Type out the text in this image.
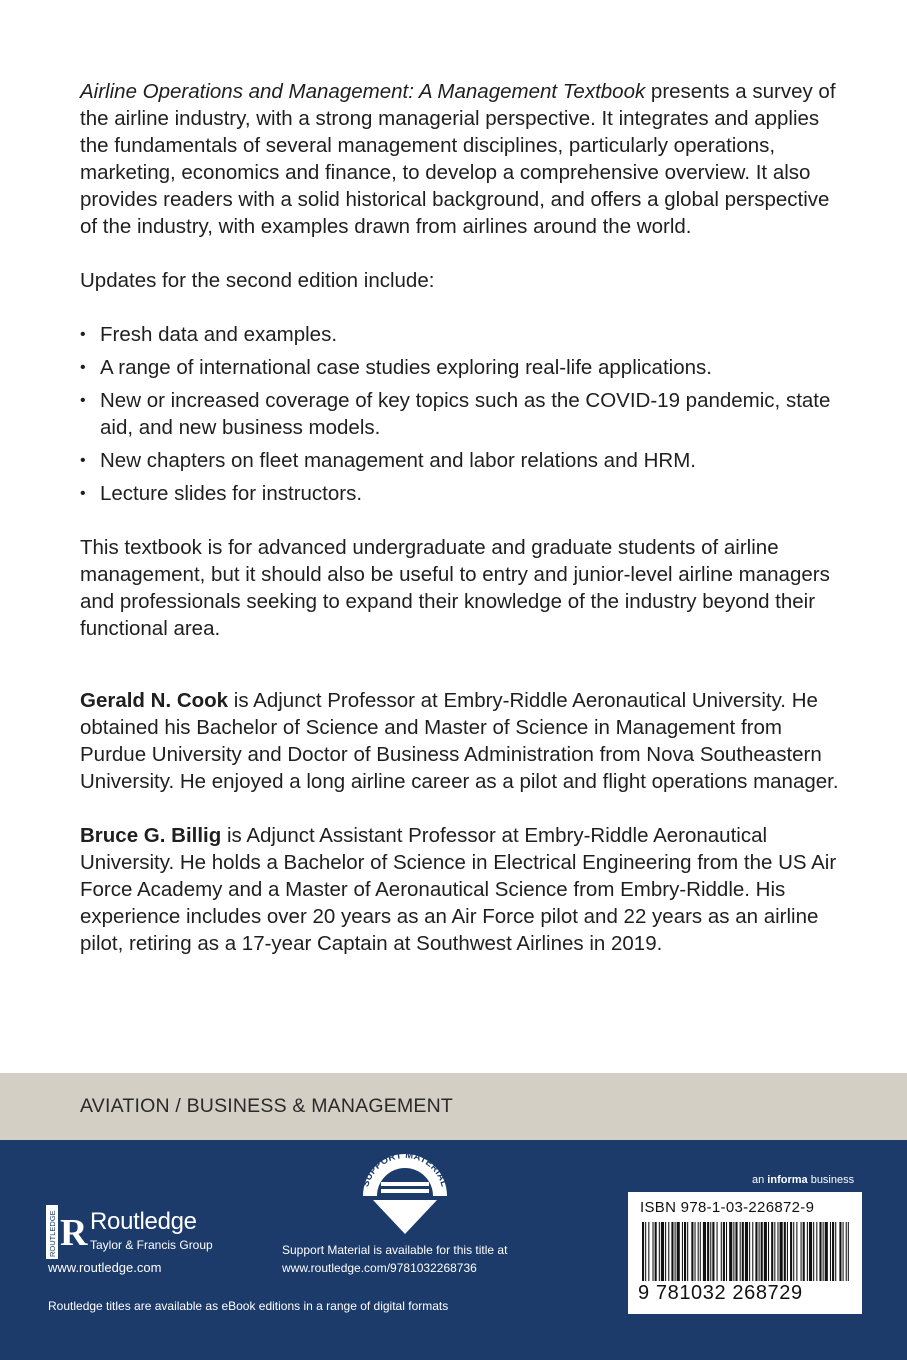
Airline Operations and Management: A Management Textbook presents a survey of the airline industry, with a strong managerial perspective. It integrates and applies the fundamentals of several management disciplines, particularly operations, marketing, economics and finance, to develop a comprehensive overview. It also provides readers with a solid historical background, and offers a global perspective of the industry, with examples drawn from airlines around the world.

Updates for the second edition include:

• Fresh data and examples.
• A range of international case studies exploring real-life applications.
• New or increased coverage of key topics such as the COVID-19 pandemic, state aid, and new business models.
• New chapters on fleet management and labor relations and HRM.
• Lecture slides for instructors.

This textbook is for advanced undergraduate and graduate students of airline management, but it should also be useful to entry and junior-level airline managers and professionals seeking to expand their knowledge of the industry beyond their functional area.

Gerald N. Cook is Adjunct Professor at Embry-Riddle Aeronautical University. He obtained his Bachelor of Science and Master of Science in Management from Purdue University and Doctor of Business Administration from Nova Southeastern University. He enjoyed a long airline career as a pilot and flight operations manager.

Bruce G. Billig is Adjunct Assistant Professor at Embry-Riddle Aeronautical University. He holds a Bachelor of Science in Electrical Engineering from the US Air Force Academy and a Master of Aeronautical Science from Embry-Riddle. His experience includes over 20 years as an Air Force pilot and 22 years as an airline pilot, retiring as a 17-year Captain at Southwest Airlines in 2019.

AVIATION / BUSINESS & MANAGEMENT
ROUTLEDGE R Routledge
Taylor & Francis Group
www.routledge.com
Routledge titles are available as eBook editions in a range of digital formats
SUPPORT MATERIAL
Support Material is available for this title at
www.routledge.com/9781032268736
an informa business
ISBN 978-1-03-226872-9
9 781032 268729
